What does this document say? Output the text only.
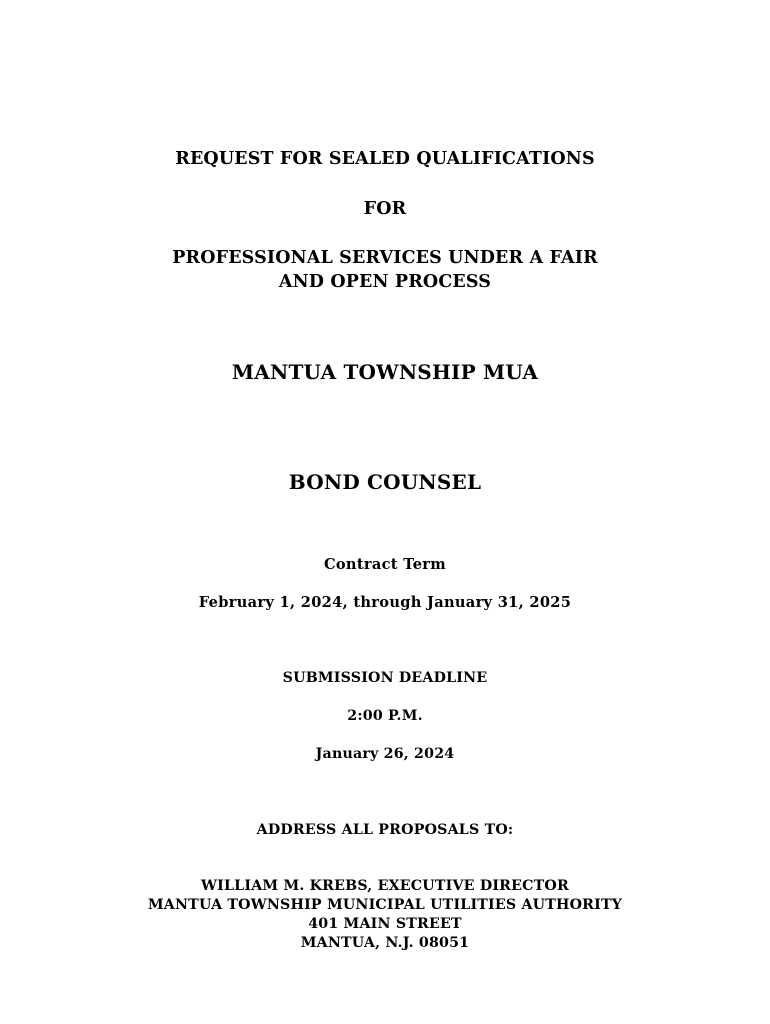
REQUEST FOR SEALED QUALIFICATIONS
FOR
PROFESSIONAL SERVICES UNDER A FAIR
AND OPEN PROCESS
MANTUA TOWNSHIP MUA
BOND COUNSEL
Contract Term
February 1, 2024, through January 31, 2025
SUBMISSION DEADLINE
2:00 P.M.
January 26, 2024
ADDRESS ALL PROPOSALS TO:
WILLIAM M. KREBS, EXECUTIVE DIRECTOR
MANTUA TOWNSHIP MUNICIPAL UTILITIES AUTHORITY
401 MAIN STREET
MANTUA, N.J. 08051
